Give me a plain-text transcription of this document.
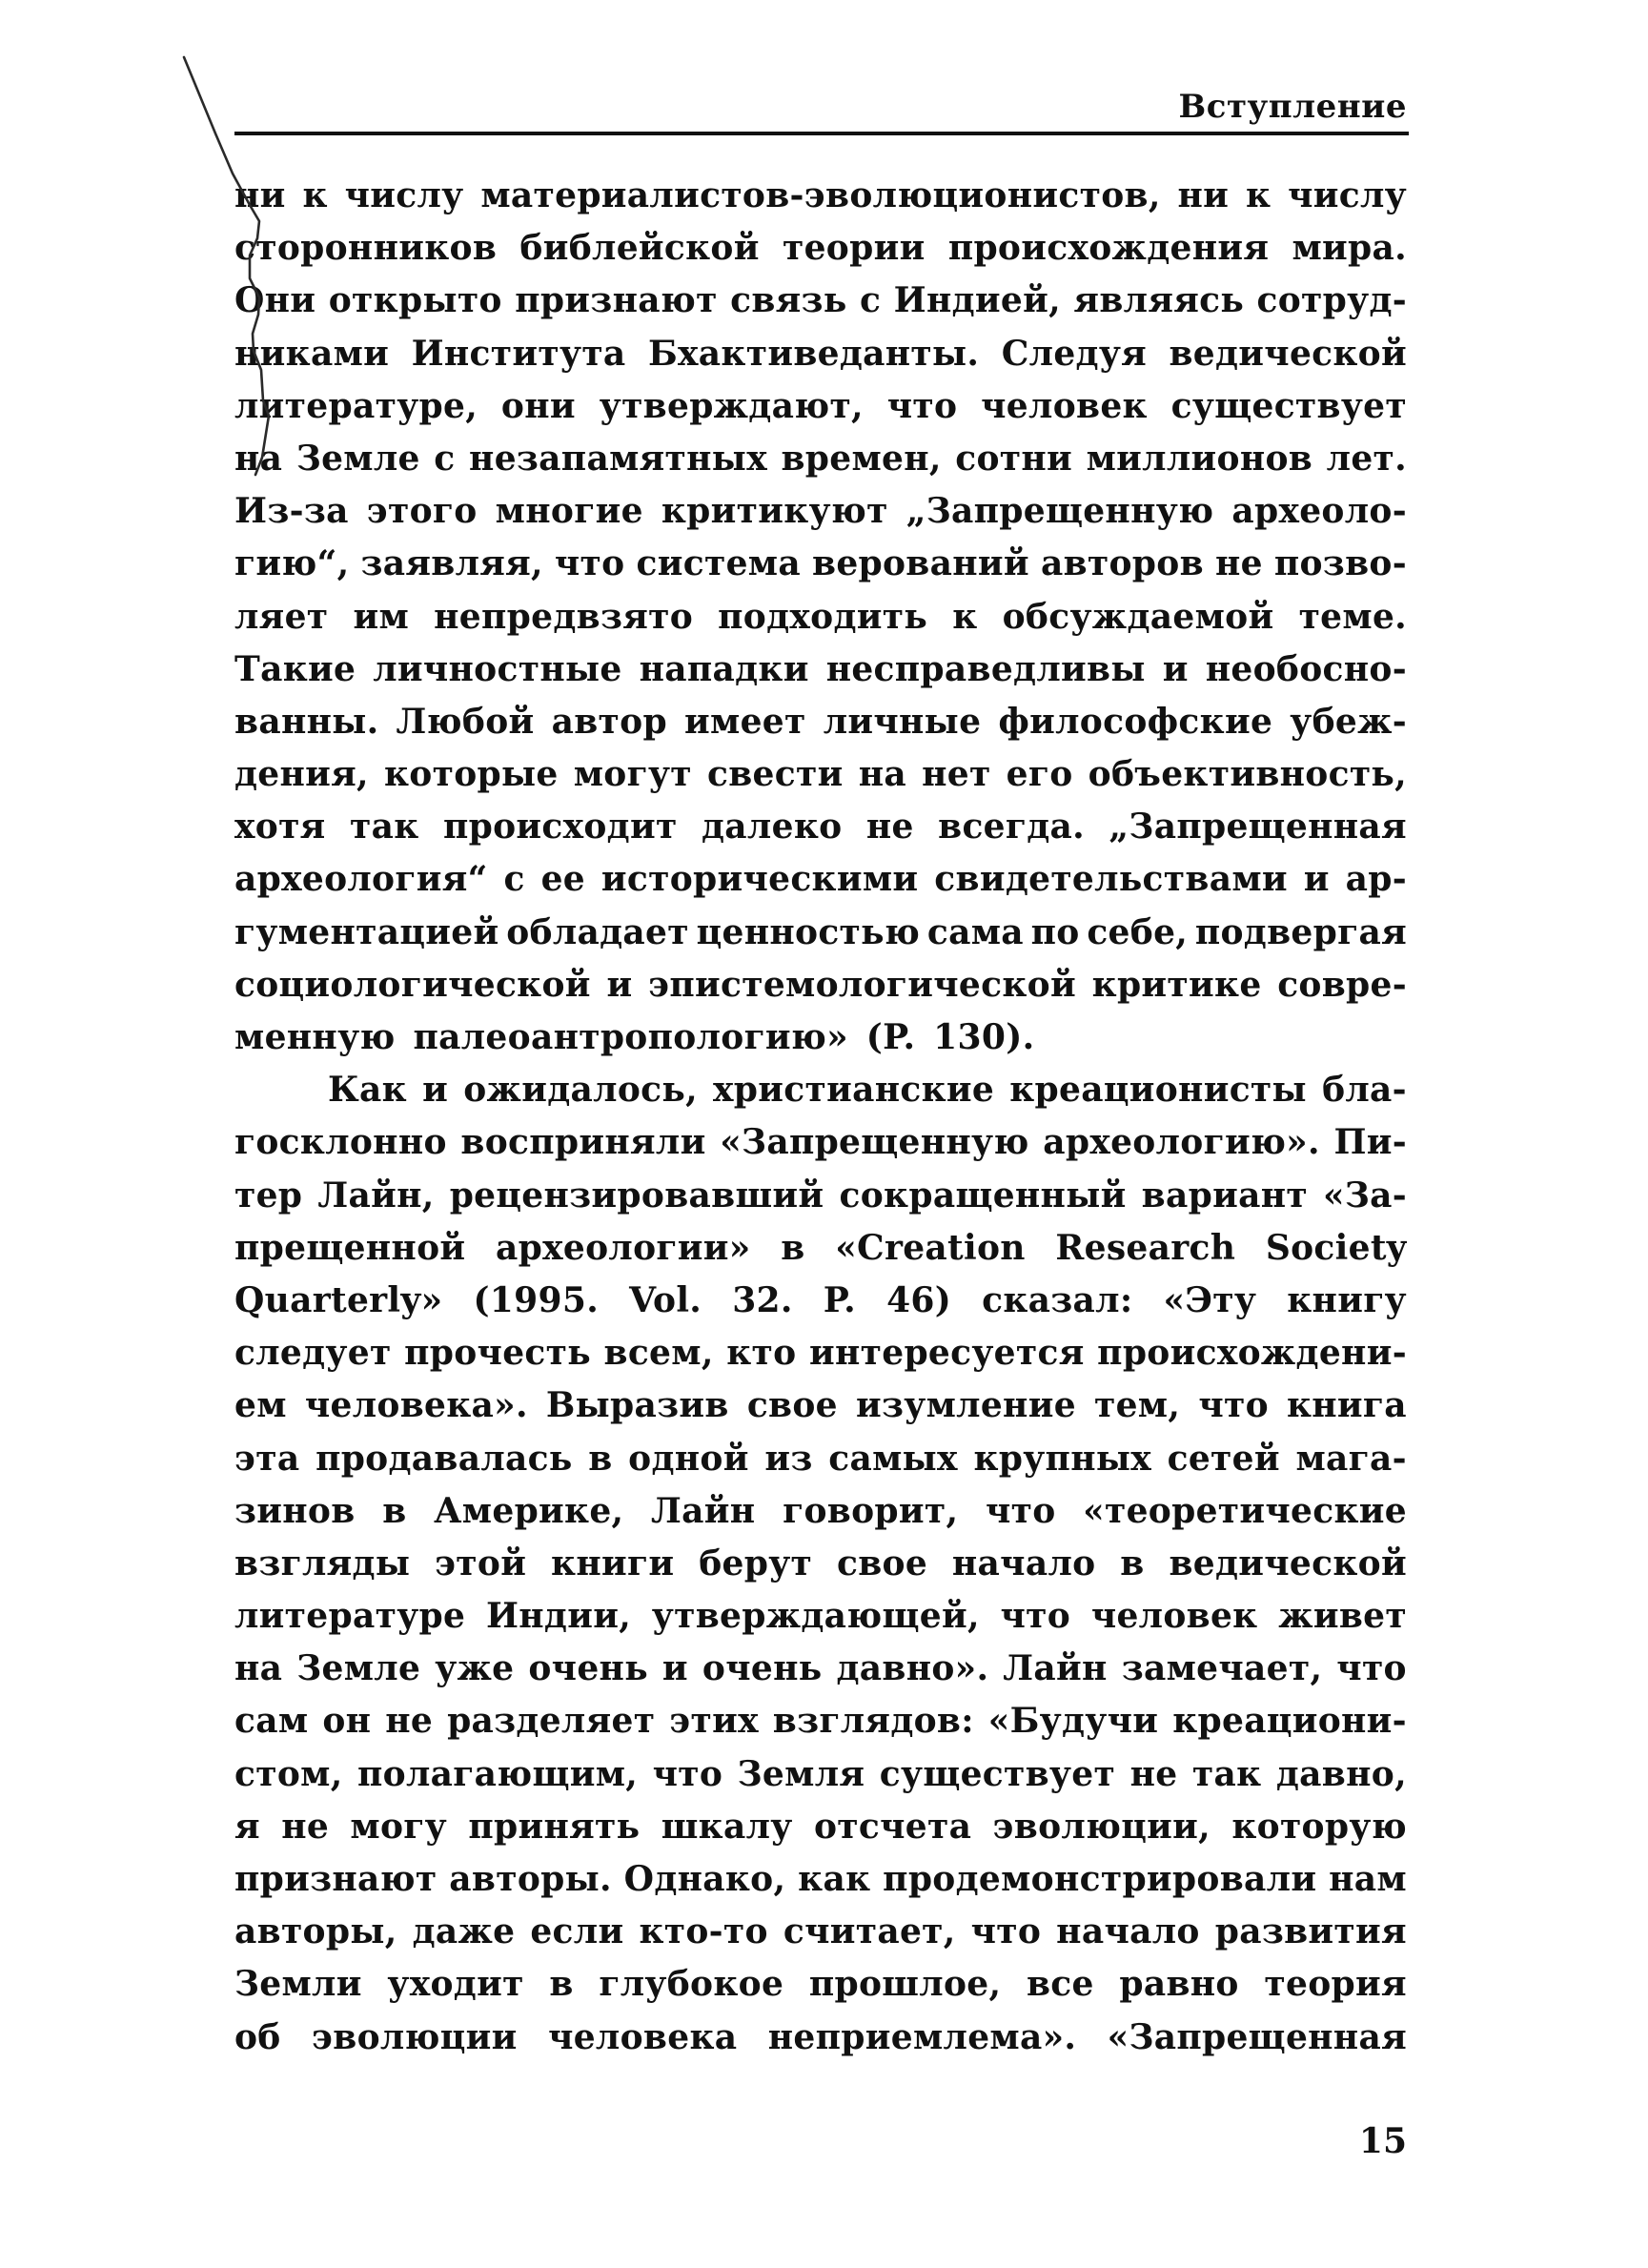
Вступление
ни к числу материалистов-эволюционистов, ни к числу
сторонников библейской теории происхождения мира.
Они открыто признают связь с Индией, являясь сотруд-
никами Института Бхактиведанты. Следуя ведической
литературе, они утверждают, что человек существует
на Земле с незапамятных времен, сотни миллионов лет.
Из-за этого многие критикуют „Запрещенную археоло-
гию“, заявляя, что система верований авторов не позво-
ляет им непредвзято подходить к обсуждаемой теме.
Такие личностные нападки несправедливы и необосно-
ванны. Любой автор имеет личные философские убеж-
дения, которые могут свести на нет его объективность,
хотя так происходит далеко не всегда. „Запрещенная
археология“ с ее историческими свидетельствами и ар-
гументацией обладает ценностью сама по себе, подвергая
социологической и эпистемологической критике совре-
менную палеоантропологию» (P. 130).
Как и ожидалось, христианские креационисты бла-
госклонно восприняли «Запрещенную археологию». Пи-
тер Лайн, рецензировавший сокращенный вариант «За-
прещенной археологии» в «Creation Research Society
Quarterly» (1995. Vol. 32. P. 46) сказал: «Эту книгу
следует прочесть всем, кто интересуется происхождени-
ем человека». Выразив свое изумление тем, что книга
эта продавалась в одной из самых крупных сетей мага-
зинов в Америке, Лайн говорит, что «теоретические
взгляды этой книги берут свое начало в ведической
литературе Индии, утверждающей, что человек живет
на Земле уже очень и очень давно». Лайн замечает, что
сам он не разделяет этих взглядов: «Будучи креациони-
стом, полагающим, что Земля существует не так давно,
я не могу принять шкалу отсчета эволюции, которую
признают авторы. Однако, как продемонстрировали нам
авторы, даже если кто-то считает, что начало развития
Земли уходит в глубокое прошлое, все равно теория
об эволюции человека неприемлема». «Запрещенная
15
